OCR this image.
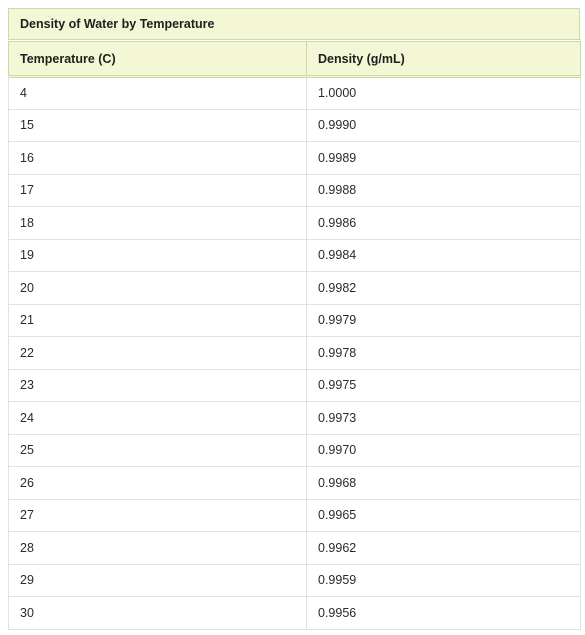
Density of Water by Temperature
Temperature (C)	Density (g/mL)
4	1.0000
15	0.9990
16	0.9989
17	0.9988
18	0.9986
19	0.9984
20	0.9982
21	0.9979
22	0.9978
23	0.9975
24	0.9973
25	0.9970
26	0.9968
27	0.9965
28	0.9962
29	0.9959
30	0.9956
